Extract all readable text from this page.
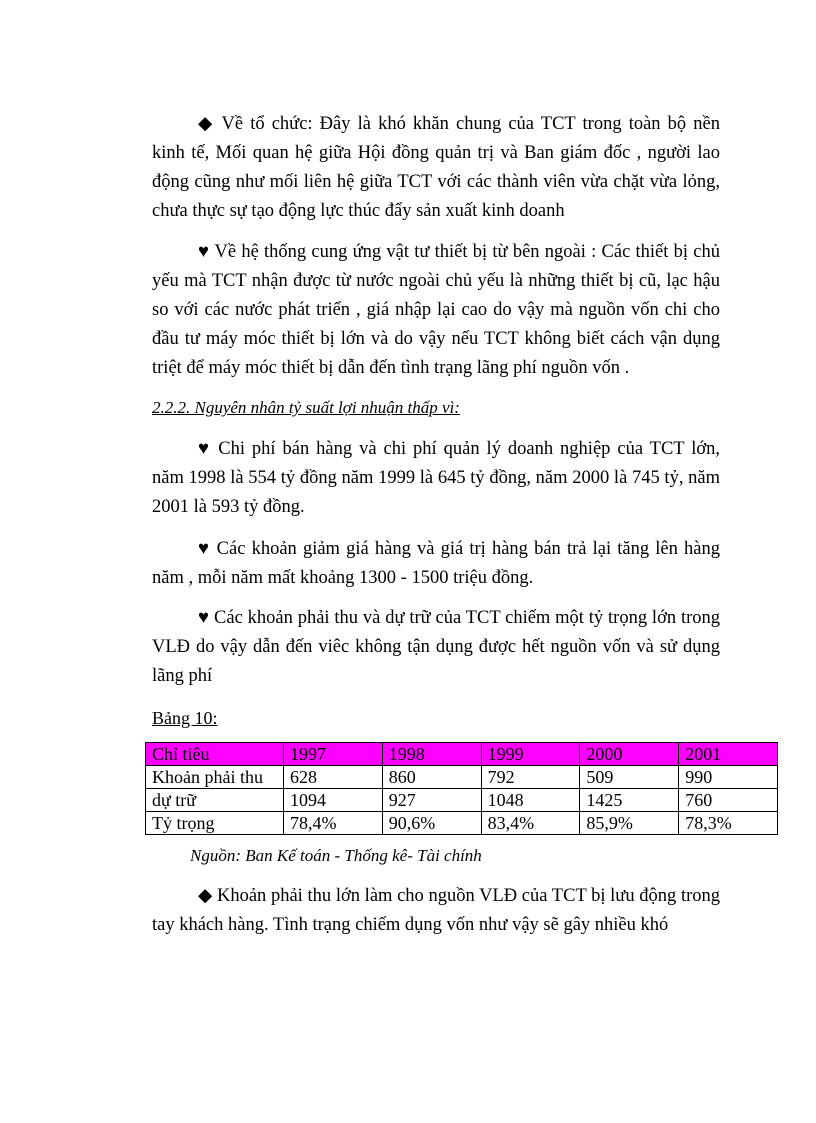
◆ Về tổ chức: Đây là khó khăn chung của TCT trong toàn bộ nền kinh tế, Mối quan hệ giữa Hội đồng quản trị và Ban giám đốc , người lao động cũng như mối liên hệ giữa TCT với các thành viên vừa chặt vừa lỏng, chưa thực sự tạo động lực thúc đẩy sản xuất kinh doanh

♥ Về hệ thống cung ứng vật tư thiết bị từ bên ngoài : Các thiết bị chủ yếu mà TCT nhận được từ nước ngoài chủ yếu là những thiết bị cũ, lạc hậu so với các nước phát triển , giá nhập lại cao do vậy mà nguồn vốn chi cho đầu tư máy móc thiết bị lớn và do vậy nếu TCT không biết cách vận dụng triệt để máy móc thiết bị dẫn đến tình trạng lãng phí nguồn vốn .

2.2.2. Nguyên nhân tỷ suất lợi nhuận thấp vì:

♥ Chi phí bán hàng và chi phí quản lý doanh nghiệp của TCT lớn, năm 1998 là 554 tỷ đồng năm 1999 là 645 tỷ đồng, năm 2000 là 745 tỷ, năm 2001 là 593 tỷ đồng.

♥ Các khoản giảm giá hàng và giá trị hàng bán trả lại tăng lên hàng năm , mỗi năm mất khoảng 1300 - 1500 triệu đồng.

♥ Các khoản phải thu và dự trữ của TCT chiếm một tỷ trọng lớn trong VLĐ do vậy dẫn đến viêc không tận dụng được hết nguồn vốn và sử dụng lãng phí

Bảng 10:

Chỉ tiêu	1997	1998	1999	2000	2001
Khoản phải thu	628	860	792	509	990
dự trữ	1094	927	1048	1425	760
Tỷ trọng	78,4%	90,6%	83,4%	85,9%	78,3%

Nguồn: Ban Kế toán - Thống kê- Tài chính

◆ Khoản phải thu lớn làm cho nguồn VLĐ của TCT bị lưu động trong tay khách hàng. Tình trạng chiếm dụng vốn như vậy sẽ gây nhiều khó
